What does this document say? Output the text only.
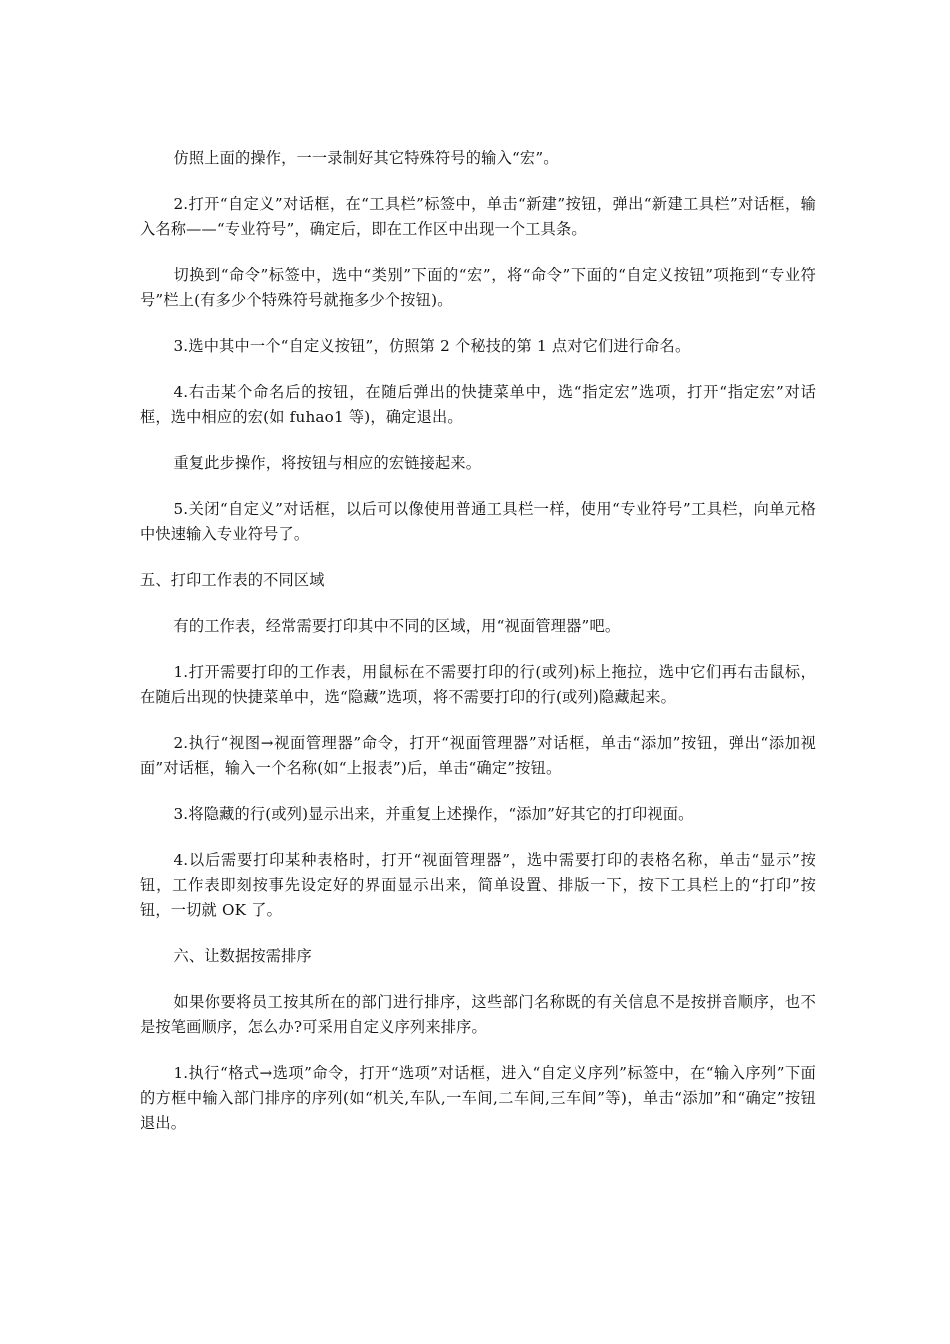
仿照上面的操作，一一录制好其它特殊符号的输入“宏”。

2.打开“自定义”对话框，在“工具栏”标签中，单击“新建”按钮，弹出“新建工具栏”对话框，输入名称——“专业符号”，确定后，即在工作区中出现一个工具条。

切换到“命令”标签中，选中“类别”下面的“宏”，将“命令”下面的“自定义按钮”项拖到“专业符号”栏上(有多少个特殊符号就拖多少个按钮)。

3.选中其中一个“自定义按钮”，仿照第 2 个秘技的第 1 点对它们进行命名。

4.右击某个命名后的按钮，在随后弹出的快捷菜单中，选“指定宏”选项，打开“指定宏”对话框，选中相应的宏(如 fuhao1 等)，确定退出。

重复此步操作，将按钮与相应的宏链接起来。

5.关闭“自定义”对话框，以后可以像使用普通工具栏一样，使用“专业符号”工具栏，向单元格中快速输入专业符号了。

五、打印工作表的不同区域

有的工作表，经常需要打印其中不同的区域，用“视面管理器”吧。

1.打开需要打印的工作表，用鼠标在不需要打印的行(或列)标上拖拉，选中它们再右击鼠标，在随后出现的快捷菜单中，选“隐藏”选项，将不需要打印的行(或列)隐藏起来。

2.执行“视图→视面管理器”命令，打开“视面管理器”对话框，单击“添加”按钮，弹出“添加视面”对话框，输入一个名称(如“上报表”)后，单击“确定”按钮。

3.将隐藏的行(或列)显示出来，并重复上述操作，“添加”好其它的打印视面。

4.以后需要打印某种表格时，打开“视面管理器”，选中需要打印的表格名称，单击“显示”按钮，工作表即刻按事先设定好的界面显示出来，简单设置、排版一下，按下工具栏上的“打印”按钮，一切就 OK 了。

六、让数据按需排序

如果你要将员工按其所在的部门进行排序，这些部门名称既的有关信息不是按拼音顺序，也不是按笔画顺序，怎么办?可采用自定义序列来排序。

1.执行“格式→选项”命令，打开“选项”对话框，进入“自定义序列”标签中，在“输入序列”下面的方框中输入部门排序的序列(如“机关,车队,一车间,二车间,三车间”等)，单击“添加”和“确定”按钮退出。
